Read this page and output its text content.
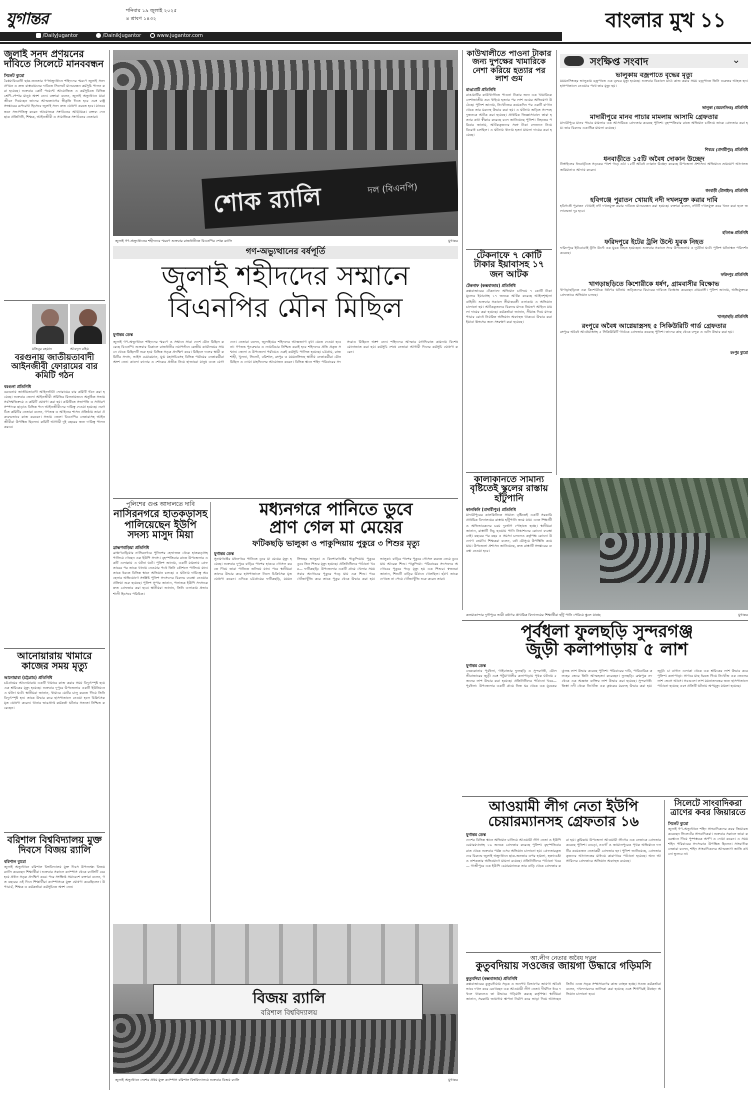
যুগান্তর	শনিবার ১৯ জুলাই ২০২৫
৪ শ্রাবণ ১৪৩২
/DailyJugantor	/DainikJugantor	www.jugantor.com
বাংলার মুখ ১১
জুলাই সনদ প্রণয়নের দাবিতে সিলেটে মানববন্ধন
সিলেট ব্যুরো
বৈষম্যবিরোধী ছাত্র-জনতার গণঅভ্যুত্থানে শহিদদের স্মরণে জুলাই সনদ প্রণয়ন ও দ্রুত বাস্তবায়নের দাবিতে সিলেটে মানববন্ধন কর্মসূচি পালন করা হয়েছে। শুক্রবার কোর্ট পয়েন্টে আয়োজিত এ কর্মসূচিতে বিভিন্ন শ্রেণি-পেশার মানুষ অংশ নেন। বক্তারা বলেন, জুলাই অভ্যুত্থানে যারা জীবন দিয়েছেন তাদের আত্মত্যাগের স্বীকৃতি দিতে হবে এবং রাষ্ট্র সংস্কারের রূপরেখা হিসেবে জুলাই সনদ দ্রুত ঘোষণা করতে হবে। মানববন্ধনে সভাপতিত্ব করেন আয়োজক সংগঠনের আহ্বায়ক। বক্তব্য দেন ছাত্র প্রতিনিধি, শিক্ষক, আইনজীবী ও সামাজিক সংগঠনের নেতারা।
মতিবুর রহমান	আবদুল রহিম
বরগুনায় জাতীয়তাবাদী আইনজীবী ফোরামের বার কমিটি গঠন
বরগুনা প্রতিনিধি
বরগুনায় জাতীয়তাবাদী আইনজীবী ফোরামের বার কমিটি গঠন করা হয়েছে। শুক্রবার জেলা আইনজীবী সমিতির মিলনায়তনে অনুষ্ঠিত সভায় সর্বসম্মতিক্রমে এ কমিটি ঘোষণা করা হয়। কমিটিতে সভাপতি ও সাধারণ সম্পাদক ছাড়াও বিভিন্ন পদে আইনজীবীদের দায়িত্ব দেওয়া হয়েছে। নবগঠিত কমিটির নেতারা বলেন, গণতন্ত্র ও আইনের শাসন প্রতিষ্ঠায় তারা ঐক্যবদ্ধভাবে কাজ করবেন। সভায় জেলা বিএনপির নেতারাসহ আইনজীবীরা উপস্থিত ছিলেন। কমিটি আগামী দুই বছরের জন্য দায়িত্ব পালন করবে।
আনোয়ারায় খামারে কাজের সময় মৃত্যু
আনোয়ারা (চট্টগ্রাম) প্রতিনিধি
চট্টগ্রামের আনোয়ারায় একটি খামারে কাজ করার সময় বিদ্যুৎস্পৃষ্ট হয়ে এক শ্রমিকের মৃত্যু হয়েছে। শুক্রবার দুপুরে উপজেলার একটি ইউনিয়নে এ ঘটনা ঘটে। স্থানীয়রা জানান, খামারে মোটর চালু করতে গিয়ে তিনি বিদ্যুৎস্পৃষ্ট হন। তাকে উদ্ধার করে হাসপাতালে নেওয়া হলে চিকিৎসক মৃত ঘোষণা করেন। থানার ভারপ্রাপ্ত কর্মকর্তা ঘটনার সত্যতা নিশ্চিত করেছেন।
বরিশাল বিশ্ববিদ্যালয় মুক্ত দিবসে বিজয় র‌্যালি
বরিশাল ব্যুরো
জুলাই অভ্যুত্থানে বরিশাল বিশ্ববিদ্যালয় মুক্ত দিবস উপলক্ষ্যে বিজয় র‌্যালি করেছেন শিক্ষার্থীরা। শুক্রবার সকালে ক্যাম্পাস থেকে র‌্যালিটি বের হয়ে প্রধান সড়ক প্রদক্ষিণ করে। পরে সংক্ষিপ্ত সমাবেশে বক্তারা বলেন, গত বছরের এই দিনে শিক্ষার্থীরা ক্যাম্পাসকে মুক্ত ঘোষণা করেছিলেন। উপাচার্য, শিক্ষক ও কর্মকর্তারা কর্মসূচিতে অংশ নেন।
শোক র‌্যালি	দল (বিএনপি)
জুলাই গণ-অভ্যুত্থানের শহীদদের স্মরণে শুক্রবার রাজধানীতে বিএনপির শোক র‌্যালি	যুগান্তর
গণ-অভ্যুত্থানের বর্ষপূর্তি
জুলাই শহীদদের সম্মানে
বিএনপির মৌন মিছিল
যুগান্তর ডেস্ক
জুলাই গণ-অভ্যুত্থানে শহিদদের স্মরণে ও সম্মানে সারা দেশে মৌন মিছিল করেছে বিএনপি। শুক্রবার বিকালে রাজধানীর নয়াপল্টনে কেন্দ্রীয় কার্যালয়ের সামনে থেকে মিছিলটি শুরু হয়ে বিভিন্ন সড়ক প্রদক্ষিণ করে। মিছিলে দলের স্থায়ী কমিটির সদস্য, ভাইস চেয়ারম্যান, যুগ্ম মহাসচিবসহ বিভিন্ন পর্যায়ের নেতাকর্মীরা অংশ নেন। কালো ব্যানার ও শোকের প্রতীক নিয়ে হাজারো মানুষ এতে যোগ দেন। নেতারা বলেন, জুলাইয়ের শহিদদের আত্মত্যাগ বৃথা যেতে দেওয়া হবে না। গণতন্ত্র পুনরুদ্ধার ও ন্যায়বিচার নিশ্চিত করাই হবে শহিদদের প্রতি প্রকৃত সম্মান। জেলা ও উপজেলা পর্যায়েও একই কর্মসূচি পালিত হয়েছে। চট্টগ্রাম, রাজশাহী, খুলনা, সিলেট, বরিশাল, রংপুর ও ময়মনসিংহে স্থানীয় নেতাকর্মীরা মৌন মিছিল ও দোয়া মাহফিলের আয়োজন করেন। বিভিন্ন স্থানে শহিদ পরিবারের সদস্যরাও মিছিলে অংশ নেন। শহিদদের আত্মার মাগফিরাত কামনায় বিশেষ মোনাজাত করা হয়। কর্মসূচি শেষে নেতারা আগামী দিনের কর্মসূচি ঘোষণা করেন।
পুলিশের গুপ্ত আদালতে দাবি
নাসিরনগরে হাতকড়াসহ পালিয়েছেন ইউপি সদস্য মাসুদ মিয়া
ব্রাহ্মণবাড়িয়া প্রতিনিধি
ব্রাহ্মণবাড়িয়ার নাসিরনগরে পুলিশের হেফাজত থেকে হাতকড়াসহ পালিয়ে গেছেন এক ইউপি সদস্য। বৃহস্পতিবার রাতে উপজেলার একটি এলাকায় এ ঘটনা ঘটে। পুলিশ জানায়, একটি মামলায় গ্রেফতারের পর তাকে থানায় নেওয়ার পথে তিনি কৌশলে পালিয়ে যান। তাকে ধরতে বিভিন্ন স্থানে অভিযান চলছে। এ ঘটনায় দায়িত্বে অবহেলার অভিযোগে সংশ্লিষ্ট পুলিশ সদস্যদের বিরুদ্ধে ব্যবস্থা নেওয়ার প্রক্রিয়া শুরু হয়েছে। পুলিশ সুপার জানান, পলাতক ইউপি সদস্যকে দ্রুত গ্রেফতার করা হবে। স্থানীয়রা জানান, তিনি এলাকায় প্রভাবশালী হিসেবে পরিচিত।
মধ্যনগরে পানিতে ডুবে
প্রাণ গেল মা মেয়ের
ফটিকছড়ি ভালুকা ও পাকুন্দিয়ায় পুকুরে ৩ শিশুর মৃত্যু
যুগান্তর ডেস্ক
সুনামগঞ্জের মধ্যনগরে পানিতে ডুবে মা মেয়ের মৃত্যু হয়েছে। শুক্রবার দুপুরে বাড়ির পাশের হাওরে গোসল করতে গিয়ে তারা পানিতে তলিয়ে যান। পরে স্থানীয়রা তাদের উদ্ধার করে হাসপাতালে নিলে চিকিৎসক মৃত ঘোষণা করেন। এদিকে চট্টগ্রামের ফটিকছড়ি, ময়মনসিংহের ভালুকা ও কিশোরগঞ্জের পাকুন্দিয়ায় পুকুরে ডুবে তিন শিশুর মৃত্যু হয়েছে। প্রতিনিধিদের পাঠানো খবর— ফটিকছড়ি: উপজেলার একটি গ্রামে খেলার সময় সবার অগোচরে পুকুরে পড়ে যায় এক শিশু। পরে খোঁজাখুঁজি করে তাকে পুকুর থেকে উদ্ধার করা হয়। ভালুকা: বাড়ির পাশের পুকুরে গোসল করতে নেমে ডুবে যায় আরেক শিশু। পাকুন্দিয়া: পরিবারের সদস্যদের অগোচরে পুকুরে পড়ে মৃত্যু হয় এক শিশুর। স্বজনরা জানান, শিশুটি বাড়ির উঠানে খেলছিল। হঠাৎ তাকে দেখতে না পেয়ে খোঁজাখুঁজি শুরু করেন তারা।
বিজয় র‌্যালি
বরিশাল বিশ্ববিদ্যালয়
জুলাই অভ্যুত্থানে দেশের প্রথম মুক্ত ক্যাম্পাস বরিশাল বিশ্ববিদ্যালয়ে শুক্রবার বিজয় র‌্যালি	যুগান্তর
কাউখালীতে পাওনা টাকার জন্য দুপক্ষের খামারিকে নেশা করিয়ে হত্যার পর লাশ গুম
রাঙামাটি প্রতিনিধি
রাঙামাটির কাউখালীতে পাওনা টাকার জন্য এক খামারিকে নেশাজাতীয় দ্রব্য খাইয়ে হত্যার পর লাশ গুমের অভিযোগ উঠেছে। পুলিশ জানায়, নিখোঁজের কয়েকদিন পর একটি বাগান থেকে তার মরদেহ উদ্ধার করা হয়। এ ঘটনায় জড়িত সন্দেহে দুজনকে আটক করা হয়েছে। প্রাথমিক জিজ্ঞাসাবাদে তারা হত্যার কথা স্বীকার করেছে বলে জানিয়েছে পুলিশ। নিহতের পরিবার জানায়, আটককৃতদের সঙ্গে টাকা লেনদেন নিয়ে বিরোধ চলছিল। এ ঘটনায় থানায় হত্যা মামলা দায়ের করা হয়েছে।
টেকনাফে ৭ কোটি টাকার ইয়াবাসহ ১৭ জন আটক
টেকনাফ (কক্সবাজার) প্রতিনিধি
কক্সবাজারের টেকনাফে অভিযান চালিয়ে ৭ কোটি টাকা মূল্যের ইয়াবাসহ ১৭ জনকে আটক করেছে আইনশৃঙ্খলা বাহিনী। শুক্রবার সকালে সীমান্তবর্তী এলাকায় এ অভিযান চালানো হয়। আটককৃতদের বিরুদ্ধে মাদক নিয়ন্ত্রণ আইনে মামলা দায়ের করা হয়েছে। কর্মকর্তারা জানান, সীমান্ত দিয়ে মাদক পাচার রোধে নিয়মিত অভিযান অব্যাহত থাকবে। উদ্ধার করা ইয়াবা ধ্বংসের জন্য সংরক্ষণ করা হয়েছে।
কালকিনিতে সামান্য বৃষ্টিতেই স্কুলের রাস্তায় হাঁটুপানি
কালকিনি (মাদারীপুর) প্রতিনিধি
মাদারীপুরের কালকিনিতে সামান্য বৃষ্টিতেই একটি সরকারি প্রাথমিক বিদ্যালয়ের রাস্তায় হাঁটুপানি জমে যায়। এতে শিক্ষার্থী ও অভিভাবকদের চরম দুর্ভোগ পোহাতে হচ্ছে। স্থানীয়রা জানান, রাস্তাটি নিচু হওয়ায় পানি নিষ্কাশনের কোনো ব্যবস্থা নেই। বছরের পর বছর এ সমস্যা চললেও কর্তৃপক্ষ কোনো উদ্যোগ নেয়নি। শিক্ষকরা বলেন, বর্ষা মৌসুমে উপস্থিতি কমে যায়। উপজেলা প্রশাসন জানিয়েছে, দ্রুত রাস্তাটি সংস্কারের ব্যবস্থা নেওয়া হবে।
সংক্ষিপ্ত সংবাদ	⌄
ভালুকায় বজ্রপাতে বৃদ্ধের মৃত্যু
ময়মনসিংহের ভালুকায় বজ্রপাতে এক বৃদ্ধের মৃত্যু হয়েছে। শুক্রবার বিকালে মাঠে কাজ করার সময় বজ্রপাতে তিনি গুরুতর আহত হন। হাসপাতালে নেওয়ার পথে তার মৃত্যু হয়।
ভালুকা (ময়মনসিংহ) প্রতিনিধি
মাদারীপুরে মানব পাচার মামলায় আসামি গ্রেফতার
মাদারীপুরে মানব পাচার মামলার এক আসামিকে গ্রেফতার করেছে পুলিশ। বৃহস্পতিবার রাতে অভিযান চালিয়ে তাকে গ্রেফতার করা হয়। তার বিরুদ্ধে একাধিক মামলা রয়েছে।
শিবচর (মাদারীপুর) প্রতিনিধি
ধনবাড়ীতে ১৫টি অবৈধ দোকান উচ্ছেদ
টাঙ্গাইলের ধনবাড়ীতে সড়কের পাশে গড়ে ওঠা ১৫টি অবৈধ দোকান উচ্ছেদ করেছে উপজেলা প্রশাসন। অভিযানে ভ্রাম্যমাণ আদালত জরিমানাও আদায় করেন।
ধনবাড়ী (টাঙ্গাইল) প্রতিনিধি
হবিগঞ্জে পুরাতন খোয়াই নদী দখলমুক্ত করার দাবি
হবিগঞ্জে পুরাতন খোয়াই নদী দখলমুক্ত করার দাবিতে মানববন্ধন করা হয়েছে। বক্তারা বলেন, নদীটি দখলমুক্ত করে খনন করা হলে জলাবদ্ধতা দূর হবে।
হবিগঞ্জ প্রতিনিধি
ফরিদপুরে ইটের ট্রলি উল্টে যুবক নিহত
ফরিদপুরে ইটবোঝাই ট্রলি উল্টে এক যুবক নিহত হয়েছেন। শুক্রবার সকালে সদর উপজেলায় এ দুর্ঘটনা ঘটে। পুলিশ ঘটনাস্থল পরিদর্শন করেছে।
ফরিদপুর প্রতিনিধি
খাগড়াছড়িতে কিশোরীকে ধর্ষণ, গ্রামবাসীর বিক্ষোভ
খাগড়াছড়িতে এক কিশোরীকে ধর্ষণের ঘটনায় জড়িতদের বিচারের দাবিতে বিক্ষোভ করেছেন গ্রামবাসী। পুলিশ জানায়, অভিযুক্তকে গ্রেফতারে অভিযান চলছে।
খাগড়াছড়ি প্রতিনিধি
রংপুরে অবৈধ আগ্নেয়াস্ত্রসহ ৫ সিকিউরিটি গার্ড গ্রেফতার
রংপুরে অবৈধ আগ্নেয়াস্ত্রসহ ৫ সিকিউরিটি গার্ডকে গ্রেফতার করেছে পুলিশ। তাদের কাছ থেকে বন্দুক ও গুলি উদ্ধার করা হয়।
রংপুর ব্যুরো
কলমাকান্দার দুর্গাপুরে ভারী বর্ষণের প্রাথমিক বিদ্যালয়ের শিক্ষার্থীরা হাঁটু পানি পেরিয়ে স্কুলে যাচ্ছে	যুগান্তর
পূর্বধলা ফুলছড়ি সুন্দরগঞ্জ
জুড়ী কলাপাড়ায় ৫ লাশ
যুগান্তর ডেস্ক
নেত্রকোনার পূর্বধলা, গাইবান্ধার ফুলছড়ি ও সুন্দরগঞ্জ, মৌলভীবাজারের জুড়ী এবং পটুয়াখালীর কলাপাড়ায় পৃথক ঘটনায় ৫ জনের লাশ উদ্ধার করা হয়েছে। প্রতিনিধিদের পাঠানো খবর— পূর্বধলা: উপজেলার একটি গ্রামে নিজ ঘর থেকে এক যুবকের ঝুলন্ত লাশ উদ্ধার করেছে পুলিশ। পরিবারের দাবি, পারিবারিক কলহের জেরে তিনি আত্মহত্যা করেছেন। ফুলছড়ি: ব্রহ্মপুত্র নদ থেকে এক অজ্ঞাত ব্যক্তির লাশ উদ্ধার করা হয়েছে। সুন্দরগঞ্জ: তিস্তা নদী থেকে নিখোঁজ এক কৃষকের মরদেহ উদ্ধার করা হয়। জুড়ী: চা বাগান এলাকা থেকে এক শ্রমিকের লাশ উদ্ধার করে পুলিশ। কলাপাড়া: সাগরে মাছ ধরতে গিয়ে নিখোঁজ এক জেলের লাশ ভেসে আসে। সবগুলো লাশ ময়নাতদন্তের জন্য হাসপাতালে পাঠানো হয়েছে এবং প্রতিটি ঘটনায় অপমৃত্যু মামলা হয়েছে।
আওয়ামী লীগ নেতা ইউপি
চেয়ারম্যানসহ গ্রেফতার ১৬
যুগান্তর ডেস্ক
দেশের বিভিন্ন স্থানে অভিযান চালিয়ে আওয়ামী লীগ নেতা ও ইউপি চেয়ারম্যানসহ ১৬ জনকে গ্রেফতার করেছে পুলিশ। বৃহস্পতিবার রাত থেকে শুক্রবার পর্যন্ত এসব অভিযান চালানো হয়। গ্রেফতারকৃতদের বিরুদ্ধে জুলাই অভ্যুত্থানে ছাত্র-জনতার ওপর হামলা, হত্যাচেষ্টা ও নাশকতার অভিযোগে মামলা রয়েছে। প্রতিনিধিদের পাঠানো খবর— গাজীপুরে এক ইউপি চেয়ারম্যানকে তার বাড়ি থেকে গ্রেফতার করা হয়। কুমিল্লায় উপজেলা আওয়ামী লীগের এক নেতাকে গ্রেফতার করেছে পুলিশ। বগুড়া, নওগাঁ ও জামালপুরেও পৃথক অভিযানে দলটির কয়েকজন নেতাকর্মী গ্রেফতার হন। পুলিশ জানিয়েছে, গ্রেফতারকৃতদের আদালতের মাধ্যমে কারাগারে পাঠানো হয়েছে। অন্য আসামিদের গ্রেফতারে অভিযান অব্যাহত রয়েছে।
সিলেটে সাংবাদিকরা ত্রাণের কবর জিয়ারতে
সিলেট ব্যুরো
জুলাই গণ-অভ্যুত্থানে শহিদ সাংবাদিকদের কবর জিয়ারত করেছেন সিলেটের সাংবাদিকরা। শুক্রবার সকালে তারা কবরস্থানে গিয়ে পুষ্পস্তবক অর্পণ ও দোয়া করেন। এ সময় শহিদ পরিবারের সদস্যরাও উপস্থিত ছিলেন। সাংবাদিক নেতারা বলেন, শহিদ সাংবাদিকদের আত্মত্যাগ জাতি কখনো ভুলবে না।
আ.লীগ নেতার অবৈধ দখল
কুতুবদিয়ায় সওজের জায়গা উদ্ধারে গড়িমসি
কুতুবদিয়া (কক্সবাজার) প্রতিনিধি
কক্সবাজারের কুতুবদিয়ায় সড়ক ও জনপথ বিভাগের জায়গা অবৈধভাবে দখল করে রেখেছেন এক আওয়ামী লীগ নেতা। দীর্ঘদিন ধরে দখলে থাকলেও তা উদ্ধারে গড়িমসি করছে কর্তৃপক্ষ। স্থানীয়রা জানান, সরকারি জায়গায় স্থাপনা নির্মাণ করে ভাড়া দিয়ে আসছেন তিনি। এতে সড়ক সম্প্রসারণের কাজ ব্যাহত হচ্ছে। সওজ কর্মকর্তারা বলেন, দখলদারদের তালিকা করা হয়েছে এবং শিগগিরই উচ্ছেদ অভিযান চালানো হবে।
